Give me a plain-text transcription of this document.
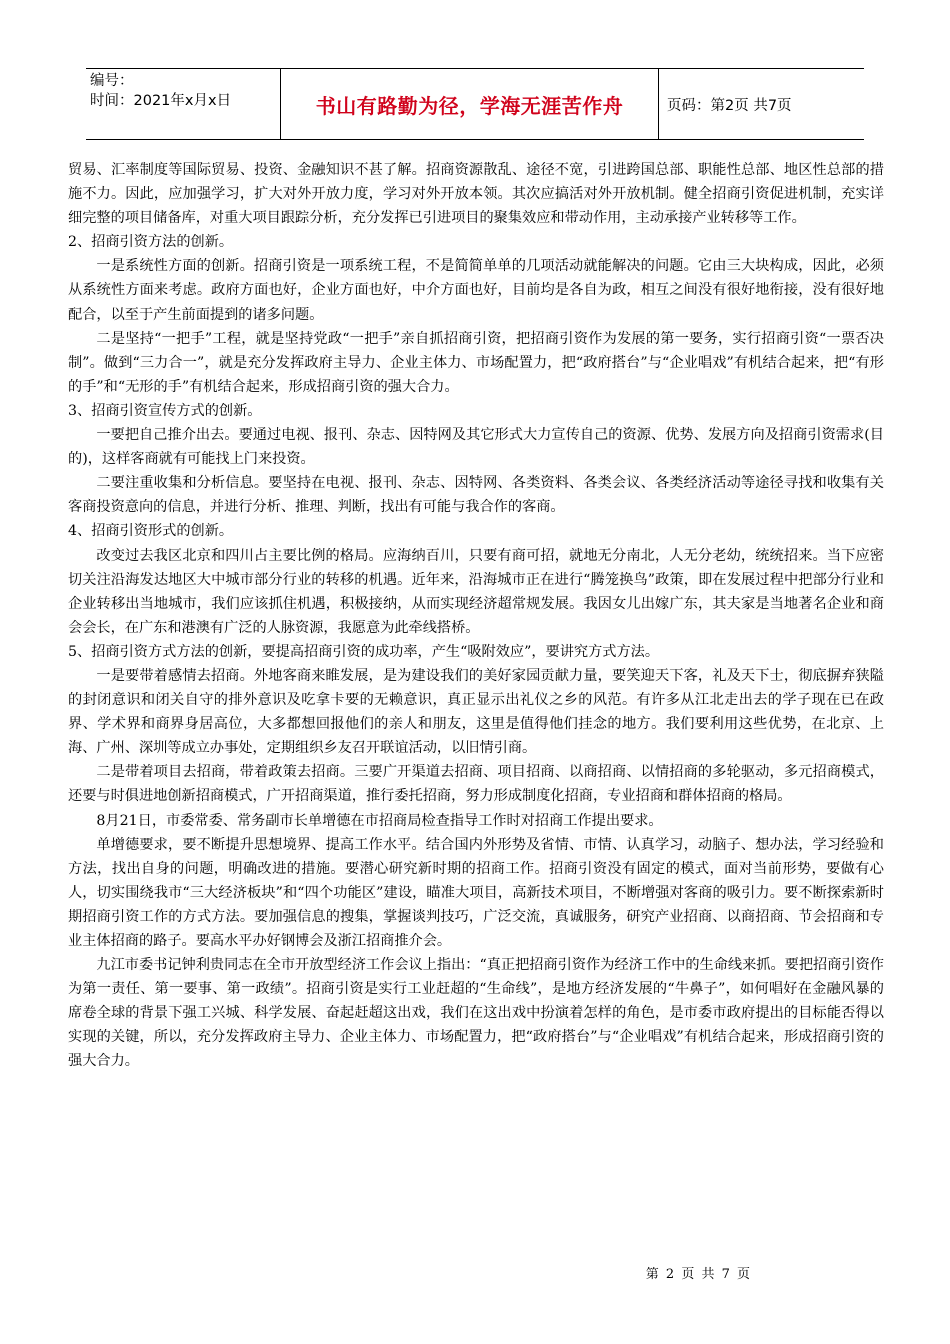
编号：
时间：2021年x月x日	书山有路勤为径，学海无涯苦作舟	页码：第2页 共7页

贸易、汇率制度等国际贸易、投资、金融知识不甚了解。招商资源散乱、途径不宽，引进跨国总部、职能性总部、地区性总部的措施不力。因此，应加强学习，扩大对外开放力度，学习对外开放本领。其次应搞活对外开放机制。健全招商引资促进机制，充实详细完整的项目储备库，对重大项目跟踪分析，充分发挥已引进项目的聚集效应和带动作用，主动承接产业转移等工作。

2、招商引资方法的创新。

一是系统性方面的创新。招商引资是一项系统工程，不是简简单单的几项活动就能解决的问题。它由三大块构成，因此，必须从系统性方面来考虑。政府方面也好，企业方面也好，中介方面也好，目前均是各自为政，相互之间没有很好地衔接，没有很好地配合，以至于产生前面提到的诸多问题。

二是坚持“一把手”工程，就是坚持党政“一把手”亲自抓招商引资，把招商引资作为发展的第一要务，实行招商引资“一票否决制”。做到“三力合一”，就是充分发挥政府主导力、企业主体力、市场配置力，把“政府搭台”与“企业唱戏”有机结合起来，把“有形的手”和“无形的手”有机结合起来，形成招商引资的强大合力。

3、招商引资宣传方式的创新。

一要把自己推介出去。要通过电视、报刊、杂志、因特网及其它形式大力宣传自己的资源、优势、发展方向及招商引资需求(目的)，这样客商就有可能找上门来投资。

二要注重收集和分析信息。要坚持在电视、报刊、杂志、因特网、各类资料、各类会议、各类经济活动等途径寻找和收集有关客商投资意向的信息，并进行分析、推理、判断，找出有可能与我合作的客商。

4、招商引资形式的创新。

改变过去我区北京和四川占主要比例的格局。应海纳百川，只要有商可招，就地无分南北，人无分老幼，统统招来。当下应密切关注沿海发达地区大中城市部分行业的转移的机遇。近年来，沿海城市正在进行“腾笼换鸟”政策，即在发展过程中把部分行业和企业转移出当地城市，我们应该抓住机遇，积极接纳，从而实现经济超常规发展。我因女儿出嫁广东，其夫家是当地著名企业和商会会长，在广东和港澳有广泛的人脉资源，我愿意为此牵线搭桥。

5、招商引资方式方法的创新，要提高招商引资的成功率，产生“吸附效应”，要讲究方式方法。

一是要带着感情去招商。外地客商来睢发展，是为建设我们的美好家园贡献力量，要笑迎天下客，礼及天下士，彻底摒弃狭隘的封闭意识和闭关自守的排外意识及吃拿卡要的无赖意识，真正显示出礼仪之乡的风范。有许多从江北走出去的学子现在已在政界、学术界和商界身居高位，大多都想回报他们的亲人和朋友，这里是值得他们挂念的地方。我们要利用这些优势，在北京、上海、广州、深圳等成立办事处，定期组织乡友召开联谊活动，以旧情引商。

二是带着项目去招商，带着政策去招商。三要广开渠道去招商、项目招商、以商招商、以情招商的多轮驱动，多元招商模式，还要与时俱进地创新招商模式，广开招商渠道，推行委托招商，努力形成制度化招商，专业招商和群体招商的格局。

8月21日，市委常委、常务副市长单增德在市招商局检查指导工作时对招商工作提出要求。

单增德要求，要不断提升思想境界、提高工作水平。结合国内外形势及省情、市情、认真学习，动脑子、想办法，学习经验和方法，找出自身的问题，明确改进的措施。要潜心研究新时期的招商工作。招商引资没有固定的模式，面对当前形势，要做有心人，切实围绕我市“三大经济板块”和“四个功能区”建设，瞄准大项目，高新技术项目，不断增强对客商的吸引力。要不断探索新时期招商引资工作的方式方法。要加强信息的搜集，掌握谈判技巧，广泛交流，真诚服务，研究产业招商、以商招商、节会招商和专业主体招商的路子。要高水平办好钢博会及浙江招商推介会。

九江市委书记钟利贵同志在全市开放型经济工作会议上指出：“真正把招商引资作为经济工作中的生命线来抓。要把招商引资作为第一责任、第一要事、第一政绩”。招商引资是实行工业赶超的“生命线”，是地方经济发展的“牛鼻子”，如何唱好在金融风暴的席卷全球的背景下强工兴城、科学发展、奋起赶超这出戏，我们在这出戏中扮演着怎样的角色，是市委市政府提出的目标能否得以实现的关键，所以，充分发挥政府主导力、企业主体力、市场配置力，把“政府搭台”与“企业唱戏”有机结合起来，形成招商引资的强大合力。

第 2 页 共 7 页
